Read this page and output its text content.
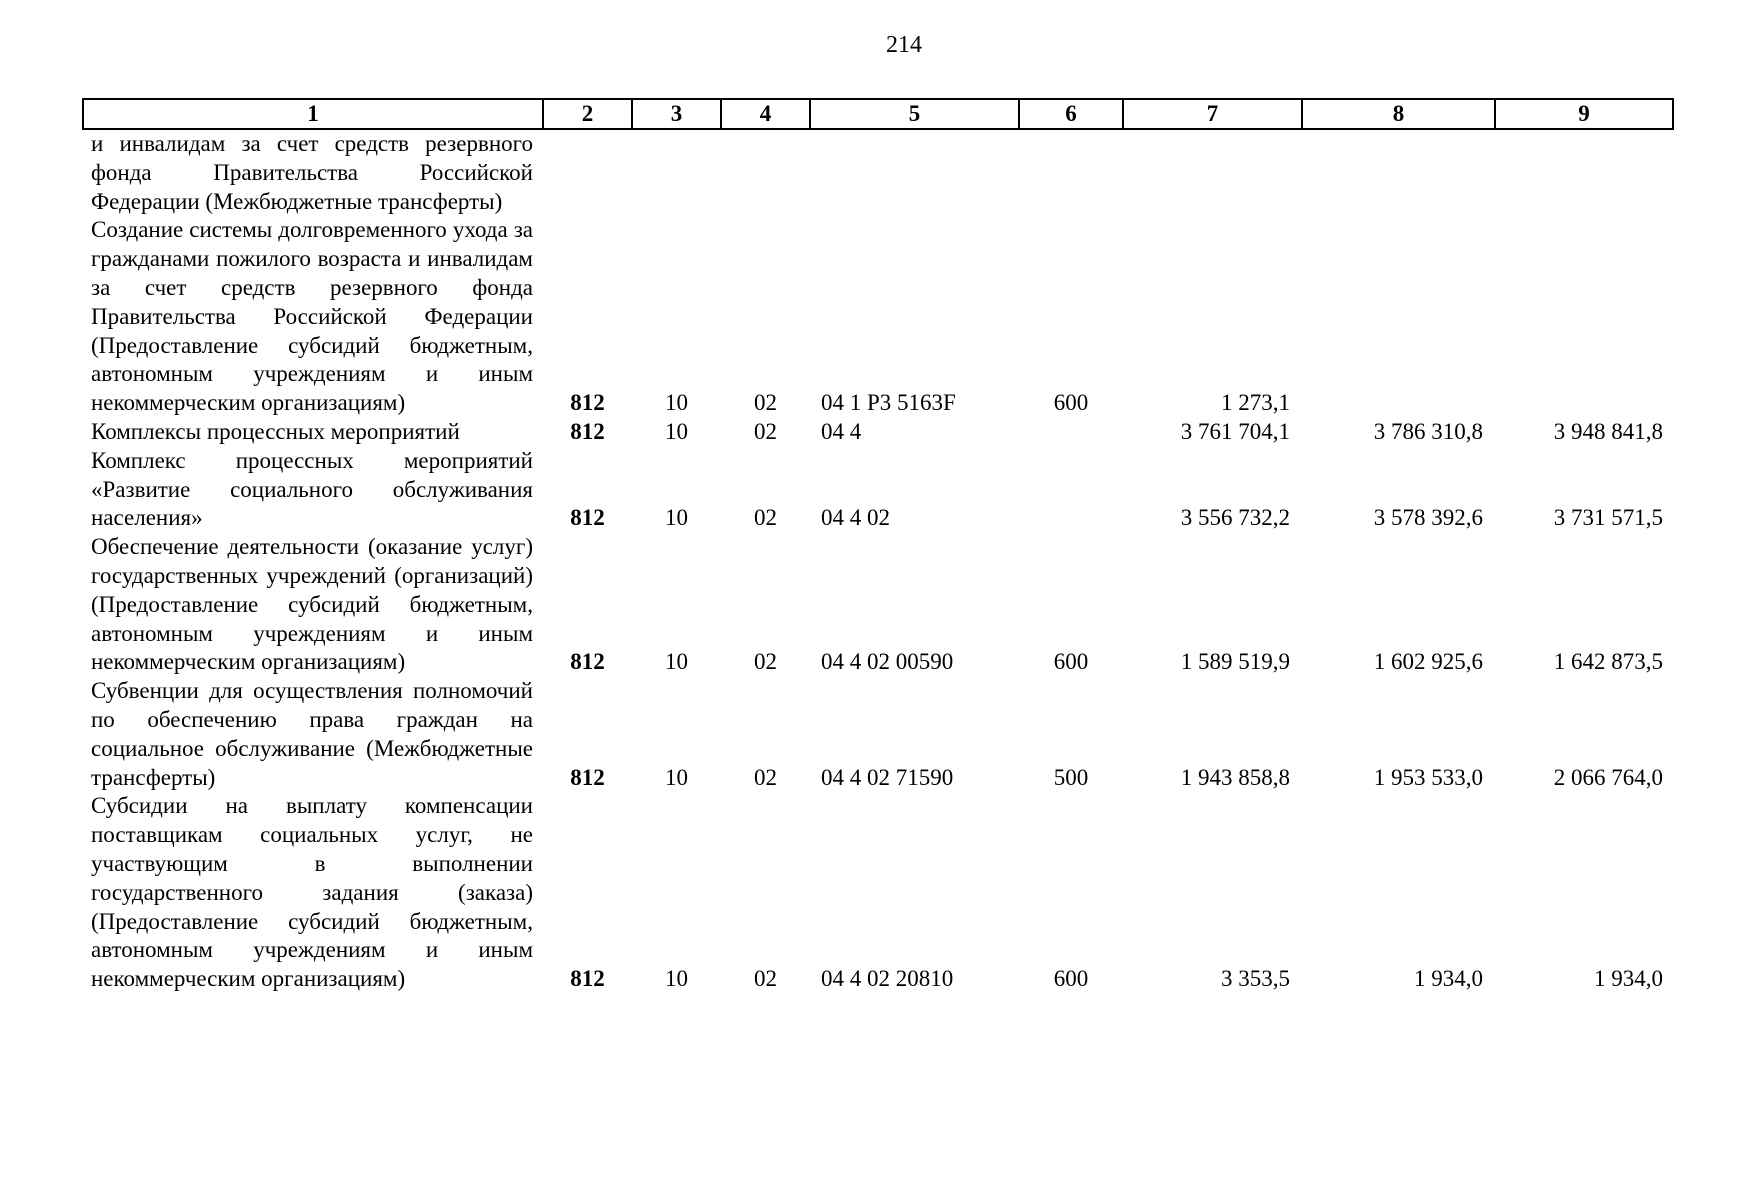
214
1	2	3	4	5	6	7	8	9
и инвалидам за счет средств резервного фонда Правительства Российской Федерации (Межбюджетные трансферты)								
Создание системы долговременного ухода за гражданами пожилого возраста и инвалидам за счет средств резервного фонда Правительства Российской Федерации (Предоставление субсидий бюджетным, автономным учреждениям и иным некоммерческим организациям)	812	10	02	04 1 Р3 5163F	600	1 273,1		
Комплексы процессных мероприятий	812	10	02	04 4		3 761 704,1	3 786 310,8	3 948 841,8
Комплекс процессных мероприятий «Развитие социального обслуживания населения»	812	10	02	04 4 02		3 556 732,2	3 578 392,6	3 731 571,5
Обеспечение деятельности (оказание услуг) государственных учреждений (организаций) (Предоставление субсидий бюджетным, автономным учреждениям и иным некоммерческим организациям)	812	10	02	04 4 02 00590	600	1 589 519,9	1 602 925,6	1 642 873,5
Субвенции для осуществления полномочий по обеспечению права граждан на социальное обслуживание (Межбюджетные трансферты)	812	10	02	04 4 02 71590	500	1 943 858,8	1 953 533,0	2 066 764,0
Субсидии на выплату компенсации поставщикам социальных услуг, не участвующим в выполнении государственного задания (заказа) (Предоставление субсидий бюджетным, автономным учреждениям и иным некоммерческим организациям)	812	10	02	04 4 02 20810	600	3 353,5	1 934,0	1 934,0
